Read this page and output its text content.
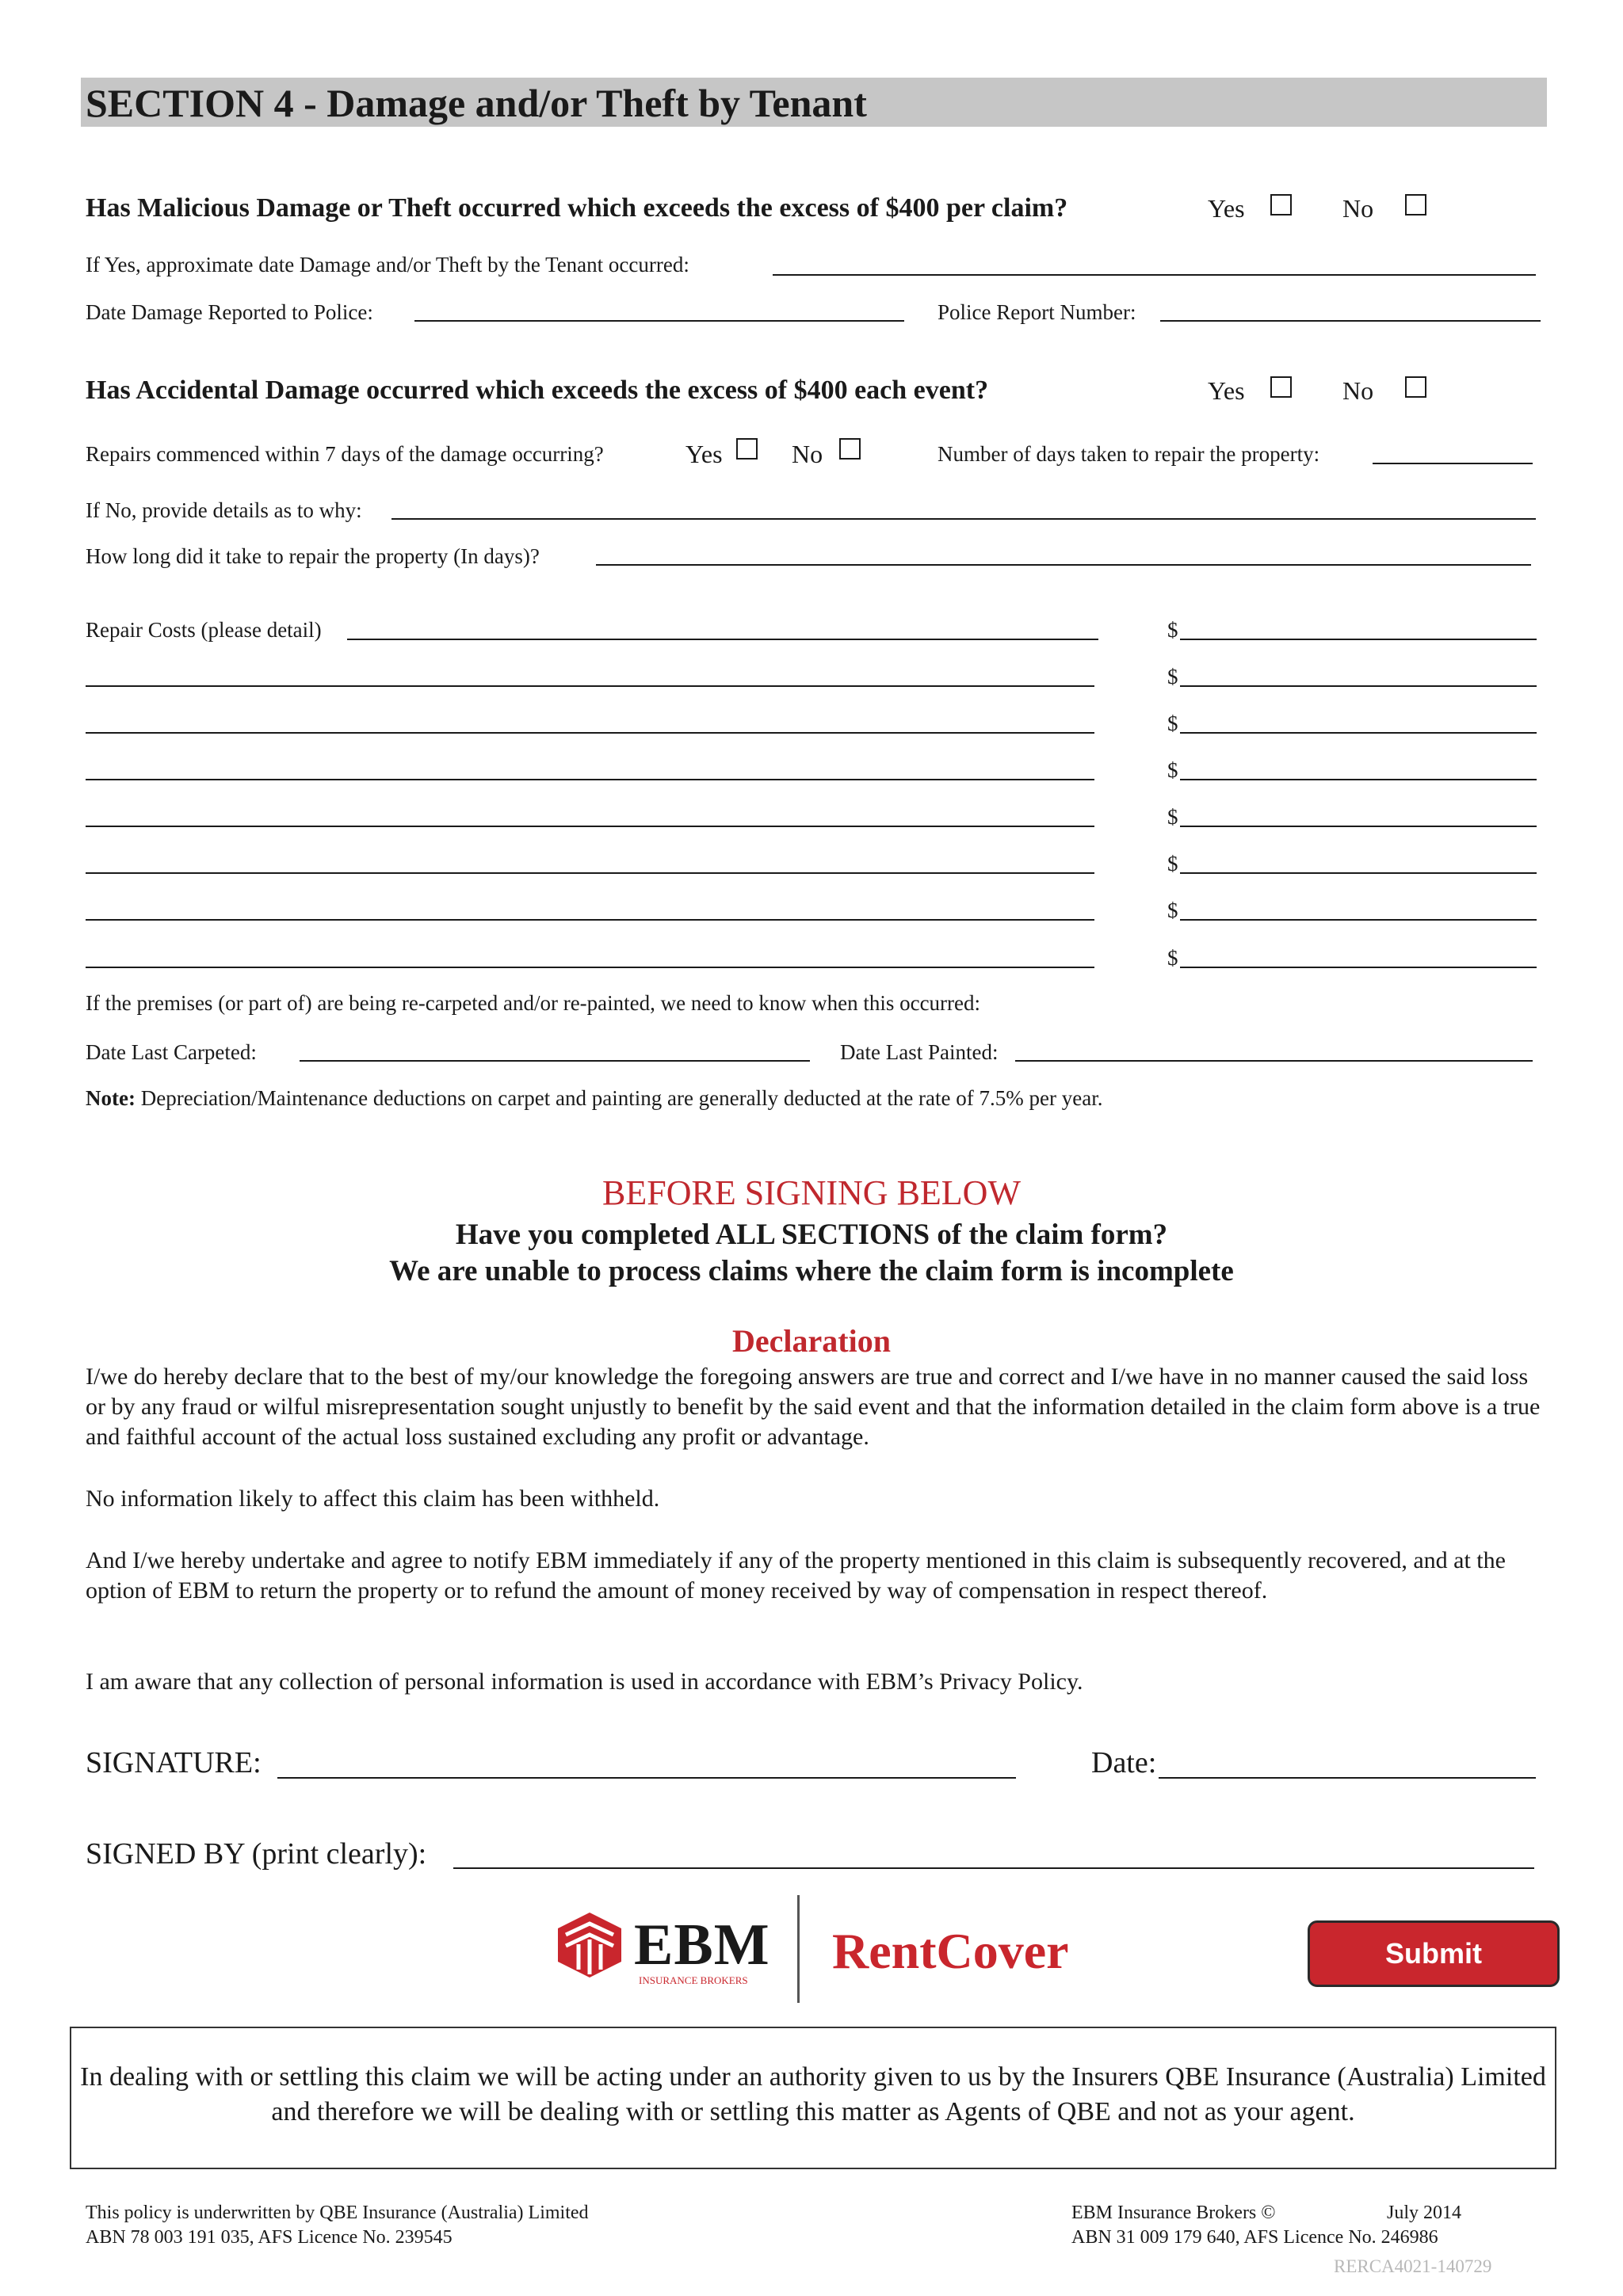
SECTION 4 - Damage and/or Theft by Tenant
Has Malicious Damage or Theft occurred which exceeds the excess of $400 per claim?	Yes	No
If Yes, approximate date Damage and/or Theft by the Tenant occurred:
Date Damage Reported to Police:	Police Report Number:
Has Accidental Damage occurred which exceeds the excess of $400 each event?	Yes	No
Repairs commenced within 7 days of the damage occurring?	Yes	No	Number of days taken to repair the property:
If No, provide details as to why:
How long did it take to repair the property (In days)?
Repair Costs (please detail)	$
$
$
$
$
$
$
$
If the premises (or part of) are being re-carpeted and/or re-painted, we need to know when this occurred:
Date Last Carpeted:	Date Last Painted:
Note: Depreciation/Maintenance deductions on carpet and painting are generally deducted at the rate of 7.5% per year.
BEFORE SIGNING BELOW
Have you completed ALL SECTIONS of the claim form?
We are unable to process claims where the claim form is incomplete
Declaration
I/we do hereby declare that to the best of my/our knowledge the foregoing answers are true and correct and I/we have in no manner caused the said loss or by any fraud or wilful misrepresentation sought unjustly to benefit by the said event and that the information detailed in the claim form above is a true and faithful account of the actual loss sustained excluding any profit or advantage.
No information likely to affect this claim has been withheld.
And I/we hereby undertake and agree to notify EBM immediately if any of the property mentioned in this claim is subsequently recovered, and at the option of EBM to return the property or to refund the amount of money received by way of compensation in respect thereof.
I am aware that any collection of personal information is used in accordance with EBM’s Privacy Policy.
SIGNATURE:	Date:
SIGNED BY (print clearly):
EBM
INSURANCE BROKERS
RentCover	Submit
In dealing with or settling this claim we will be acting under an authority given to us by the Insurers QBE Insurance (Australia) Limited and therefore we will be dealing with or settling this matter as Agents of QBE and not as your agent.
This policy is underwritten by QBE Insurance (Australia) Limited
ABN 78 003 191 035, AFS Licence No. 239545
EBM Insurance Brokers ©	July 2014
ABN 31 009 179 640, AFS Licence No. 246986
RERCA4021-140729
